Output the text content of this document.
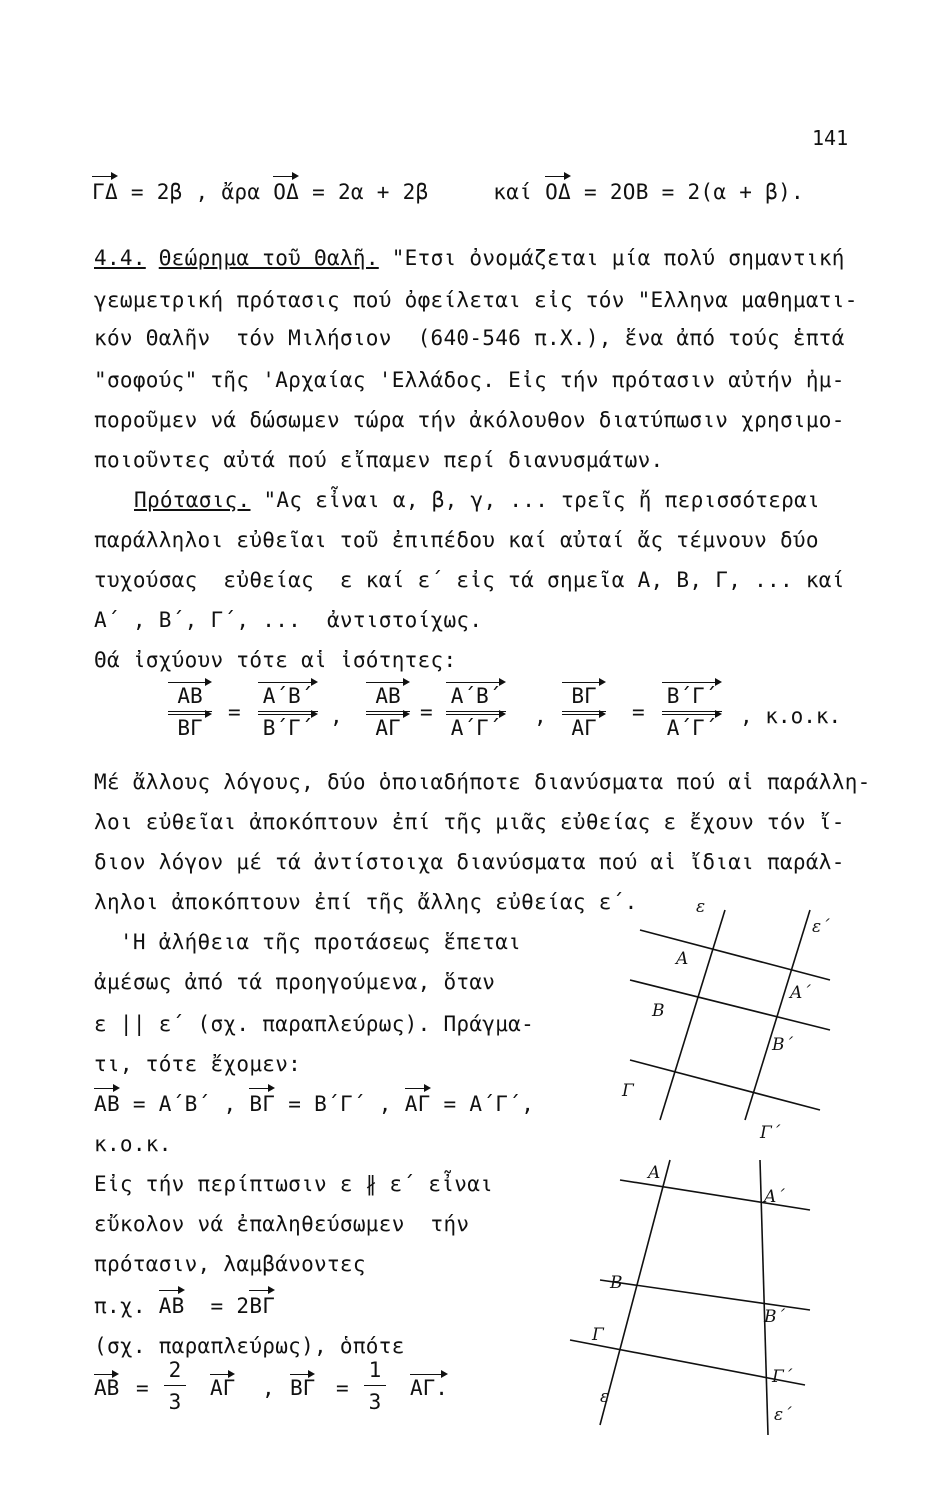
141
ΓΔ = 2β , ἄρα ΟΔ = 2α + 2β	καί ΟΔ = 2ΟΒ = 2(α + β).
4.4. Θεώρημα τοῦ Θαλῆ. "Ετσι ὀνομάζεται μία πολύ σημαντική
γεωμετρική πρότασις πού ὀφείλεται εἰς τόν "Ελληνα μαθηματι-
κόν Θαλῆν  τόν Μιλήσιον  (640-546 π.Χ.), ἕνα ἀπό τούς ἑπτά
"σοφούς" τῆς 'Αρχαίας 'Ελλάδος. Εἰς τήν πρότασιν αὐτήν ἠμ-
ποροῦμεν νά δώσωμεν τώρα τήν ἀκόλουθον διατύπωσιν χρησιμο-
ποιοῦντες αὐτά πού εἴπαμεν περί διανυσμάτων.
Πρότασις. "Ας εἶναι α, β, γ, ... τρεῖς ἤ περισσότεραι
παράλληλοι εὐθεῖαι τοῦ ἐπιπέδου καί αὐταί ἄς τέμνουν δύο
τυχούσας  εὐθείας  ε καί ε΄ εἰς τά σημεῖα Α, Β, Γ, ... καί
Α΄ , Β΄, Γ΄, ...  ἀντιστοίχως.
Θά ἰσχύουν τότε αἱ ἰσότητες:
ΑΒ
ΒΓ
=
Α΄Β΄
Β΄Γ΄ ,
ΑΒ
ΑΓ
=
Α΄Β΄
Α΄Γ΄ ,
ΒΓ
ΑΓ
=
Β΄Γ΄
Α΄Γ΄ , κ.ο.κ.
Μέ ἄλλους λόγους, δύο ὁποιαδήποτε διανύσματα πού αἱ παράλλη-
λοι εὐθεῖαι ἀποκόπτουν ἐπί τῆς μιᾶς εὐθείας ε ἔχουν τόν ἴ-
διον λόγον μέ τά ἀντίστοιχα διανύσματα πού αἱ ἴδιαι παράλ-
ληλοι ἀποκόπτουν ἐπί τῆς ἄλλης εὐθείας ε΄.
'Η ἀλήθεια τῆς προτάσεως ἕπεται
ἀμέσως ἀπό τά προηγούμενα, ὅταν
ε || ε΄ (σχ. παραπλεύρως). Πράγμα-
τι, τότε ἔχομεν:
ΑΒ = Α΄Β΄ , ΒΓ = Β΄Γ΄ , ΑΓ = Α΄Γ΄,
κ.ο.κ.
Εἰς τήν περίπτωσιν ε ∦ ε΄ εἶναι
εὔκολον νά ἐπαληθεύσωμεν  τήν
πρότασιν, λαμβάνοντες
π.χ. ΑΒ = 2ΒΓ
(σχ. παραπλεύρως), ὁπότε
ΑΒ =
2
3
ΑΓ , ΒΓ =
1
3
ΑΓ.
ε
ε΄
Α
Α΄
Β
Β΄
Γ
Γ΄
Α
Α΄
Β
Β΄
Γ
Γ΄
ε
ε΄
